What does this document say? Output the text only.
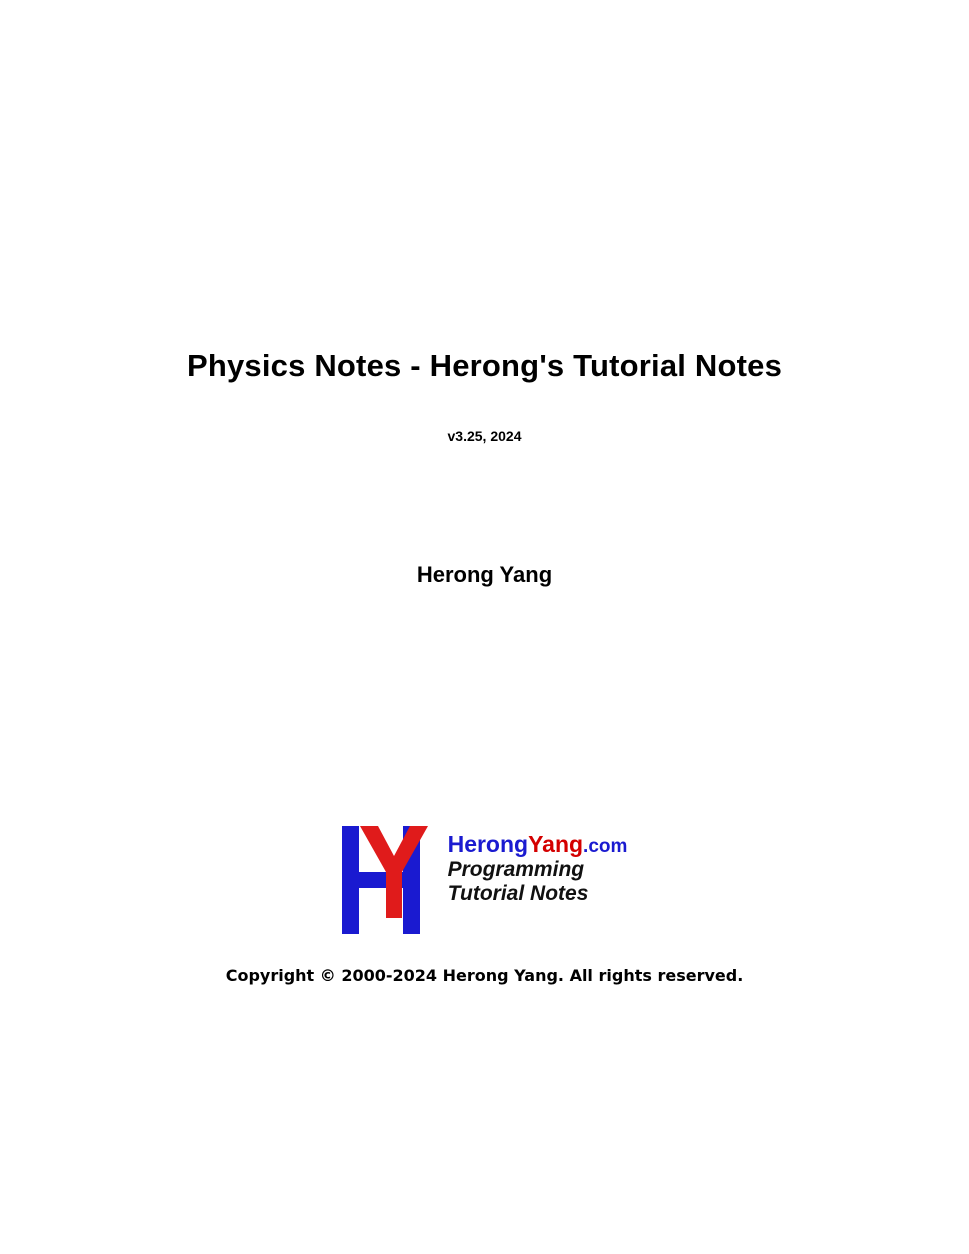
Physics Notes - Herong's Tutorial Notes
v3.25, 2024
Herong Yang
HerongYang.com
Programming
Tutorial Notes
Copyright © 2000-2024 Herong Yang. All rights reserved.
